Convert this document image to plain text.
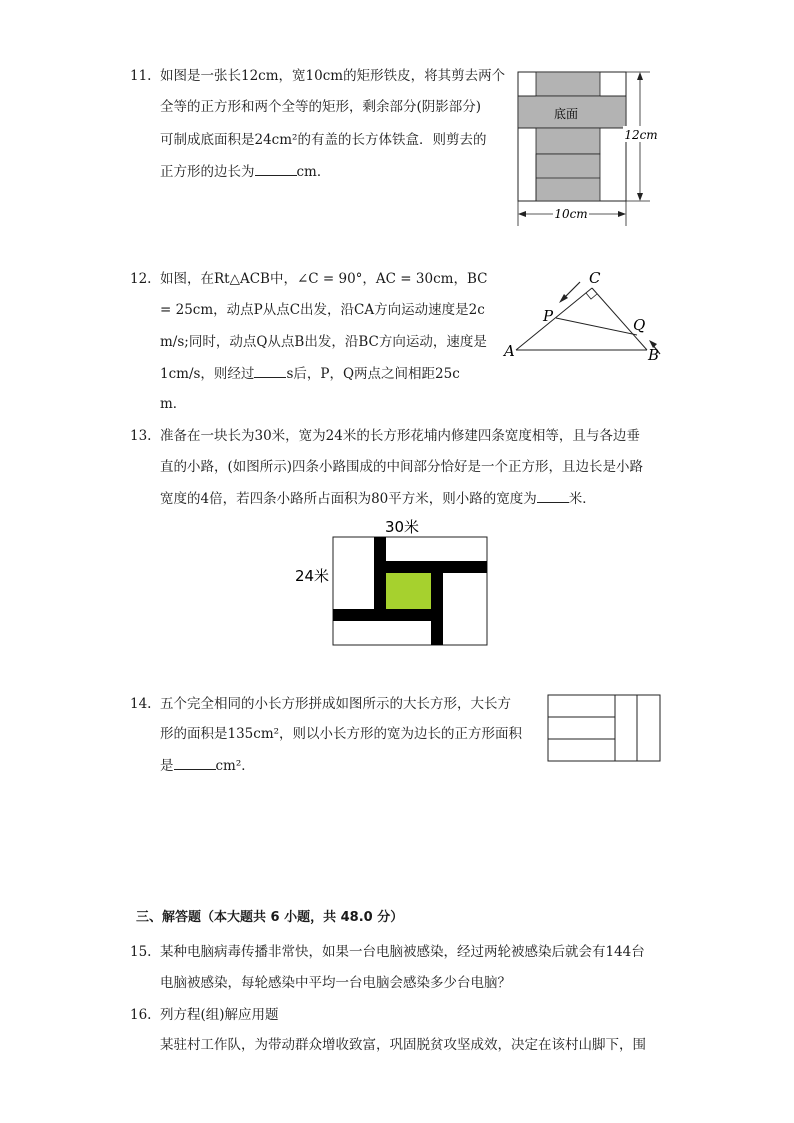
11. 如图是一张长12cm，宽10cm的矩形铁皮，将其剪去两个
全等的正方形和两个全等的矩形，剩余部分(阴影部分)
可制成底面积是24cm²的有盖的长方体铁盒．则剪去的
正方形的边长为	cm．
底面
12cm
10cm
12. 如图，在Rt△ACB中，∠C = 90°，AC = 30cm，BC
= 25cm，动点P从点C出发，沿CA方向运动速度是2c
m/s;同时，动点Q从点B出发，沿BC方向运动，速度是
1cm/s，则经过 s后，P，Q两点之间相距25c
m．
C
P	Q
A	B
13. 准备在一块长为30米，宽为24米的长方形花埔内修建四条宽度相等，且与各边垂
直的小路，(如图所示)四条小路围成的中间部分恰好是一个正方形，且边长是小路
宽度的4倍，若四条小路所占面积为80平方米，则小路的宽度为 米．
30米
24米
14. 五个完全相同的小长方形拼成如图所示的大长方形，大长方
形的面积是135cm²，则以小长方形的宽为边长的正方形面积
是	cm²．
三、解答题（本大题共 6 小题，共 48.0 分）
15. 某种电脑病毒传播非常快，如果一台电脑被感染，经过两轮被感染后就会有144台
电脑被感染，每轮感染中平均一台电脑会感染多少台电脑？
16. 列方程(组)解应用题
某驻村工作队，为带动群众增收致富，巩固脱贫攻坚成效，决定在该村山脚下，围
